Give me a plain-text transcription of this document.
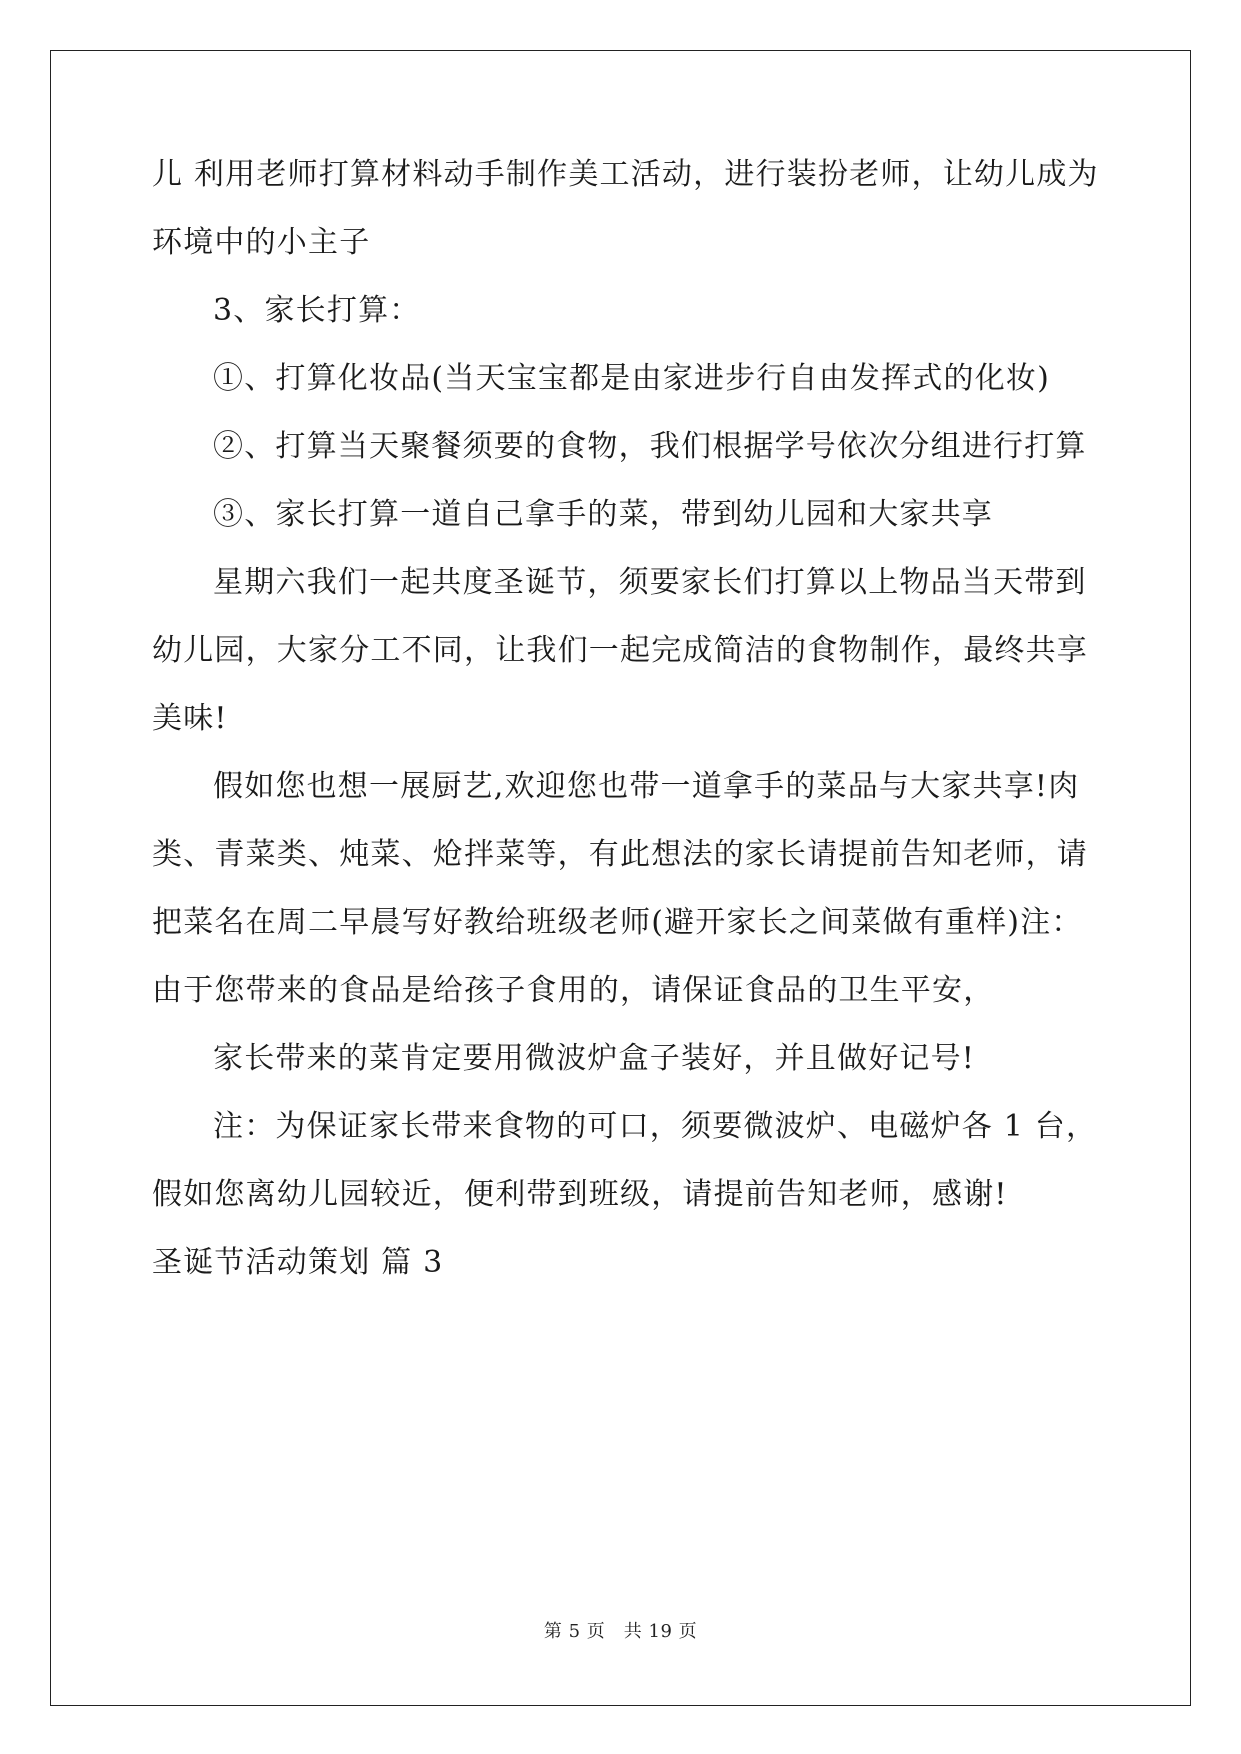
儿 利用老师打算材料动手制作美工活动，进行装扮老师，让幼儿成为
环境中的小主子
3、家长打算：
①、打算化妆品(当天宝宝都是由家进步行自由发挥式的化妆)
②、打算当天聚餐须要的食物，我们根据学号依次分组进行打算
③、家长打算一道自己拿手的菜，带到幼儿园和大家共享
星期六我们一起共度圣诞节，须要家长们打算以上物品当天带到
幼儿园，大家分工不同，让我们一起完成简洁的食物制作，最终共享
美味!
假如您也想一展厨艺,欢迎您也带一道拿手的菜品与大家共享!肉
类、青菜类、炖菜、炝拌菜等，有此想法的家长请提前告知老师，请
把菜名在周二早晨写好教给班级老师(避开家长之间菜做有重样)注：
由于您带来的食品是给孩子食用的，请保证食品的卫生平安，
家长带来的菜肯定要用微波炉盒子装好，并且做好记号!
注：为保证家长带来食物的可口，须要微波炉、电磁炉各 1 台，
假如您离幼儿园较近，便利带到班级，请提前告知老师，感谢!
圣诞节活动策划 篇 3
第 5 页　共 19 页
